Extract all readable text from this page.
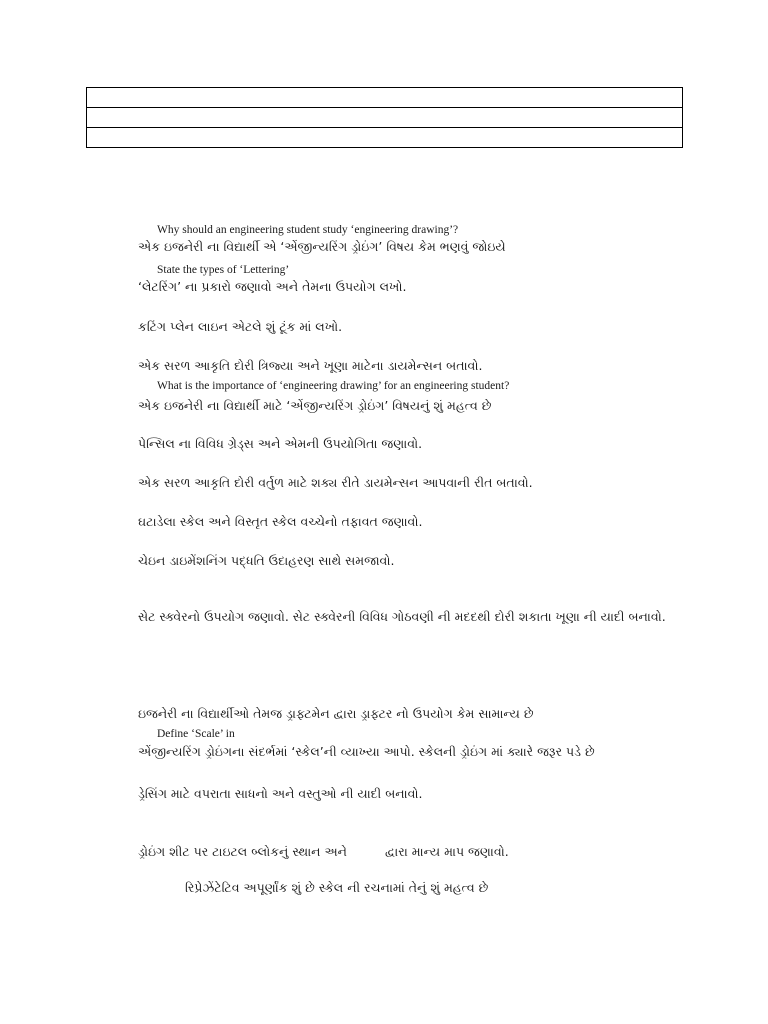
Why should an engineering student study ‘engineering drawing’?

એક ઇજનેરી ના વિદ્યાર્થી એ ‘એંજીન્યરિંગ ડ્રોઇંગ’ વિષય કેમ ભણવું જોઇયે

State the types of ‘Lettering’

‘લેટરિંગ’ ના પ્રકારો જણાવો અને તેમના ઉપયોગ લખો.

કટિંગ પ્લેન લાઇન એટલે શું ટૂંક માં લખો.

એક સરળ આકૃતિ દોરી ત્રિજ્યા અને ખૂણા માટેના ડાયમેન્સન બતાવો.

What is the importance of ‘engineering drawing’ for an engineering student?

એક ઇજનેરી ના વિદ્યાર્થી માટે ‘એંજીન્યરિંગ ડ્રોઇંગ’ વિષયનું શું મહત્વ છે

પેન્સિલ ના વિવિધ ગ્રેડ્સ અને એમની ઉપયોગિતા જણાવો.

એક સરળ આકૃતિ દોરી વર્તુળ માટે શક્ય રીતે ડાયમેન્સન આપવાની રીત બતાવો.

ઘટાડેલા સ્કેલ અને વિસ્તૃત સ્કેલ વચ્ચેનો તફાવત જણાવો.

ચેઇન ડાઇમેંશનિંગ પદ્ધતિ ઉદાહરણ સાથે સમજાવો.

સેટ સ્ક્વેરનો ઉપયોગ જણાવો. સેટ સ્ક્વેરની વિવિધ ગોઠવણી ની મદદથી દોરી શકાતા ખૂણા ની યાદી બનાવો.

ઇજનેરી ના વિદ્યાર્થીઓ તેમજ ડ્રાફ્ટમેન દ્વારા ડ્રાફ્ટર નો ઉપયોગ કેમ સામાન્ય છે

Define ‘Scale’ in

એંજીન્યરિંગ ડ્રોઇંગના સંદર્ભમાં ‘સ્કેલ’ની વ્યાખ્યા આપો. સ્કેલની ડ્રોઇંગ માં ક્યારે જરૂર પડે છે

ડ્રેસિંગ માટે વપરાતા સાધનો અને વસ્તુઓ ની યાદી બનાવો.

ડ્રોઇંગ શીટ પર ટાઇટલ બ્લોકનું સ્થાન અને	દ્વારા માન્ય માપ જણાવો.

રિપ્રેઝેંટેટિવ અપૂર્ણાંક શું છે સ્કેલ ની રચનામાં તેનું શું મહત્વ છે
